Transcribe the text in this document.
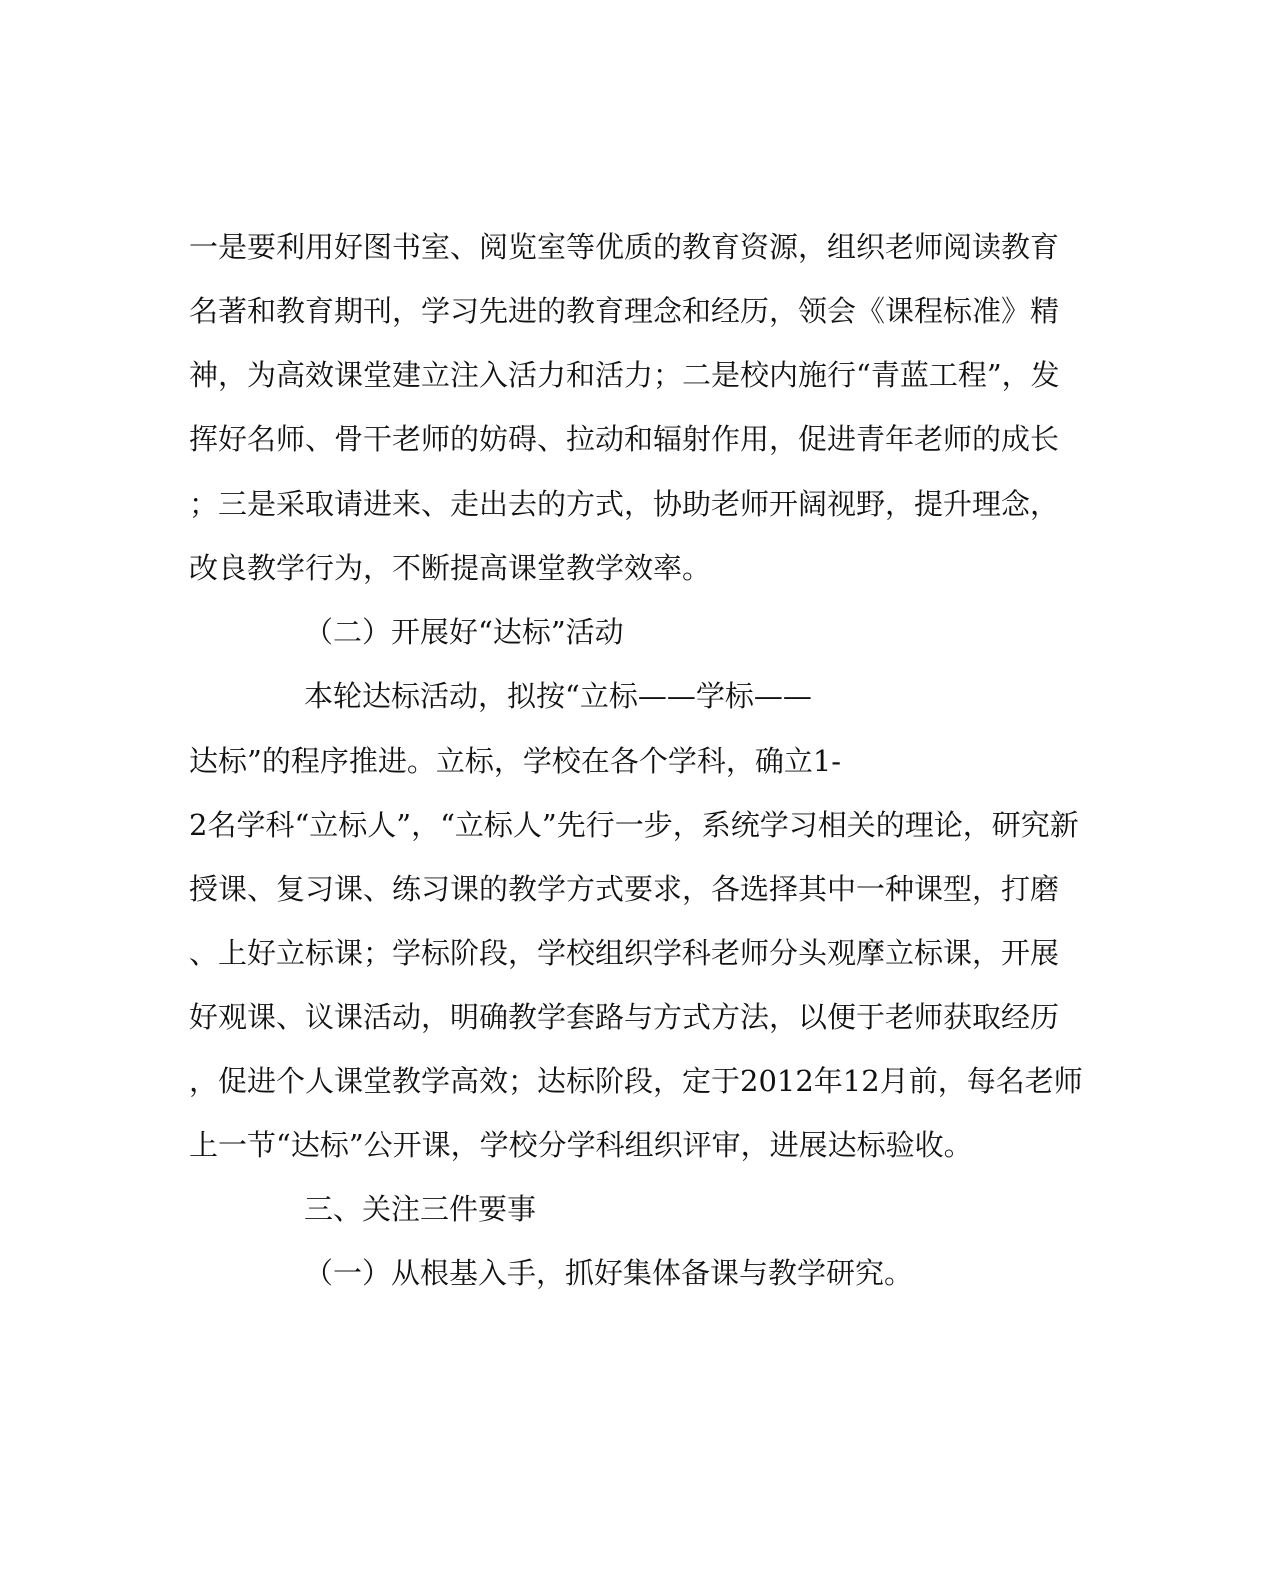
一是要利用好图书室、阅览室等优质的教育资源，组织老师阅读教育

名著和教育期刊，学习先进的教育理念和经历，领会《课程标准》精

神，为高效课堂建立注入活力和活力；二是校内施行“青蓝工程”，发

挥好名师、骨干老师的妨碍、拉动和辐射作用，促进青年老师的成长

；三是采取请进来、走出去的方式，协助老师开阔视野，提升理念，

改良教学行为，不断提高课堂教学效率。

（二）开展好“达标”活动

本轮达标活动，拟按“立标——学标——

达标”的程序推进。立标，学校在各个学科，确立1-

2名学科“立标人”，“立标人”先行一步，系统学习相关的理论，研究新

授课、复习课、练习课的教学方式要求，各选择其中一种课型，打磨

、上好立标课；学标阶段，学校组织学科老师分头观摩立标课，开展

好观课、议课活动，明确教学套路与方式方法，以便于老师获取经历

，促进个人课堂教学高效；达标阶段，定于2012年12月前，每名老师

上一节“达标”公开课，学校分学科组织评审，进展达标验收。

三、关注三件要事

（一）从根基入手，抓好集体备课与教学研究。
